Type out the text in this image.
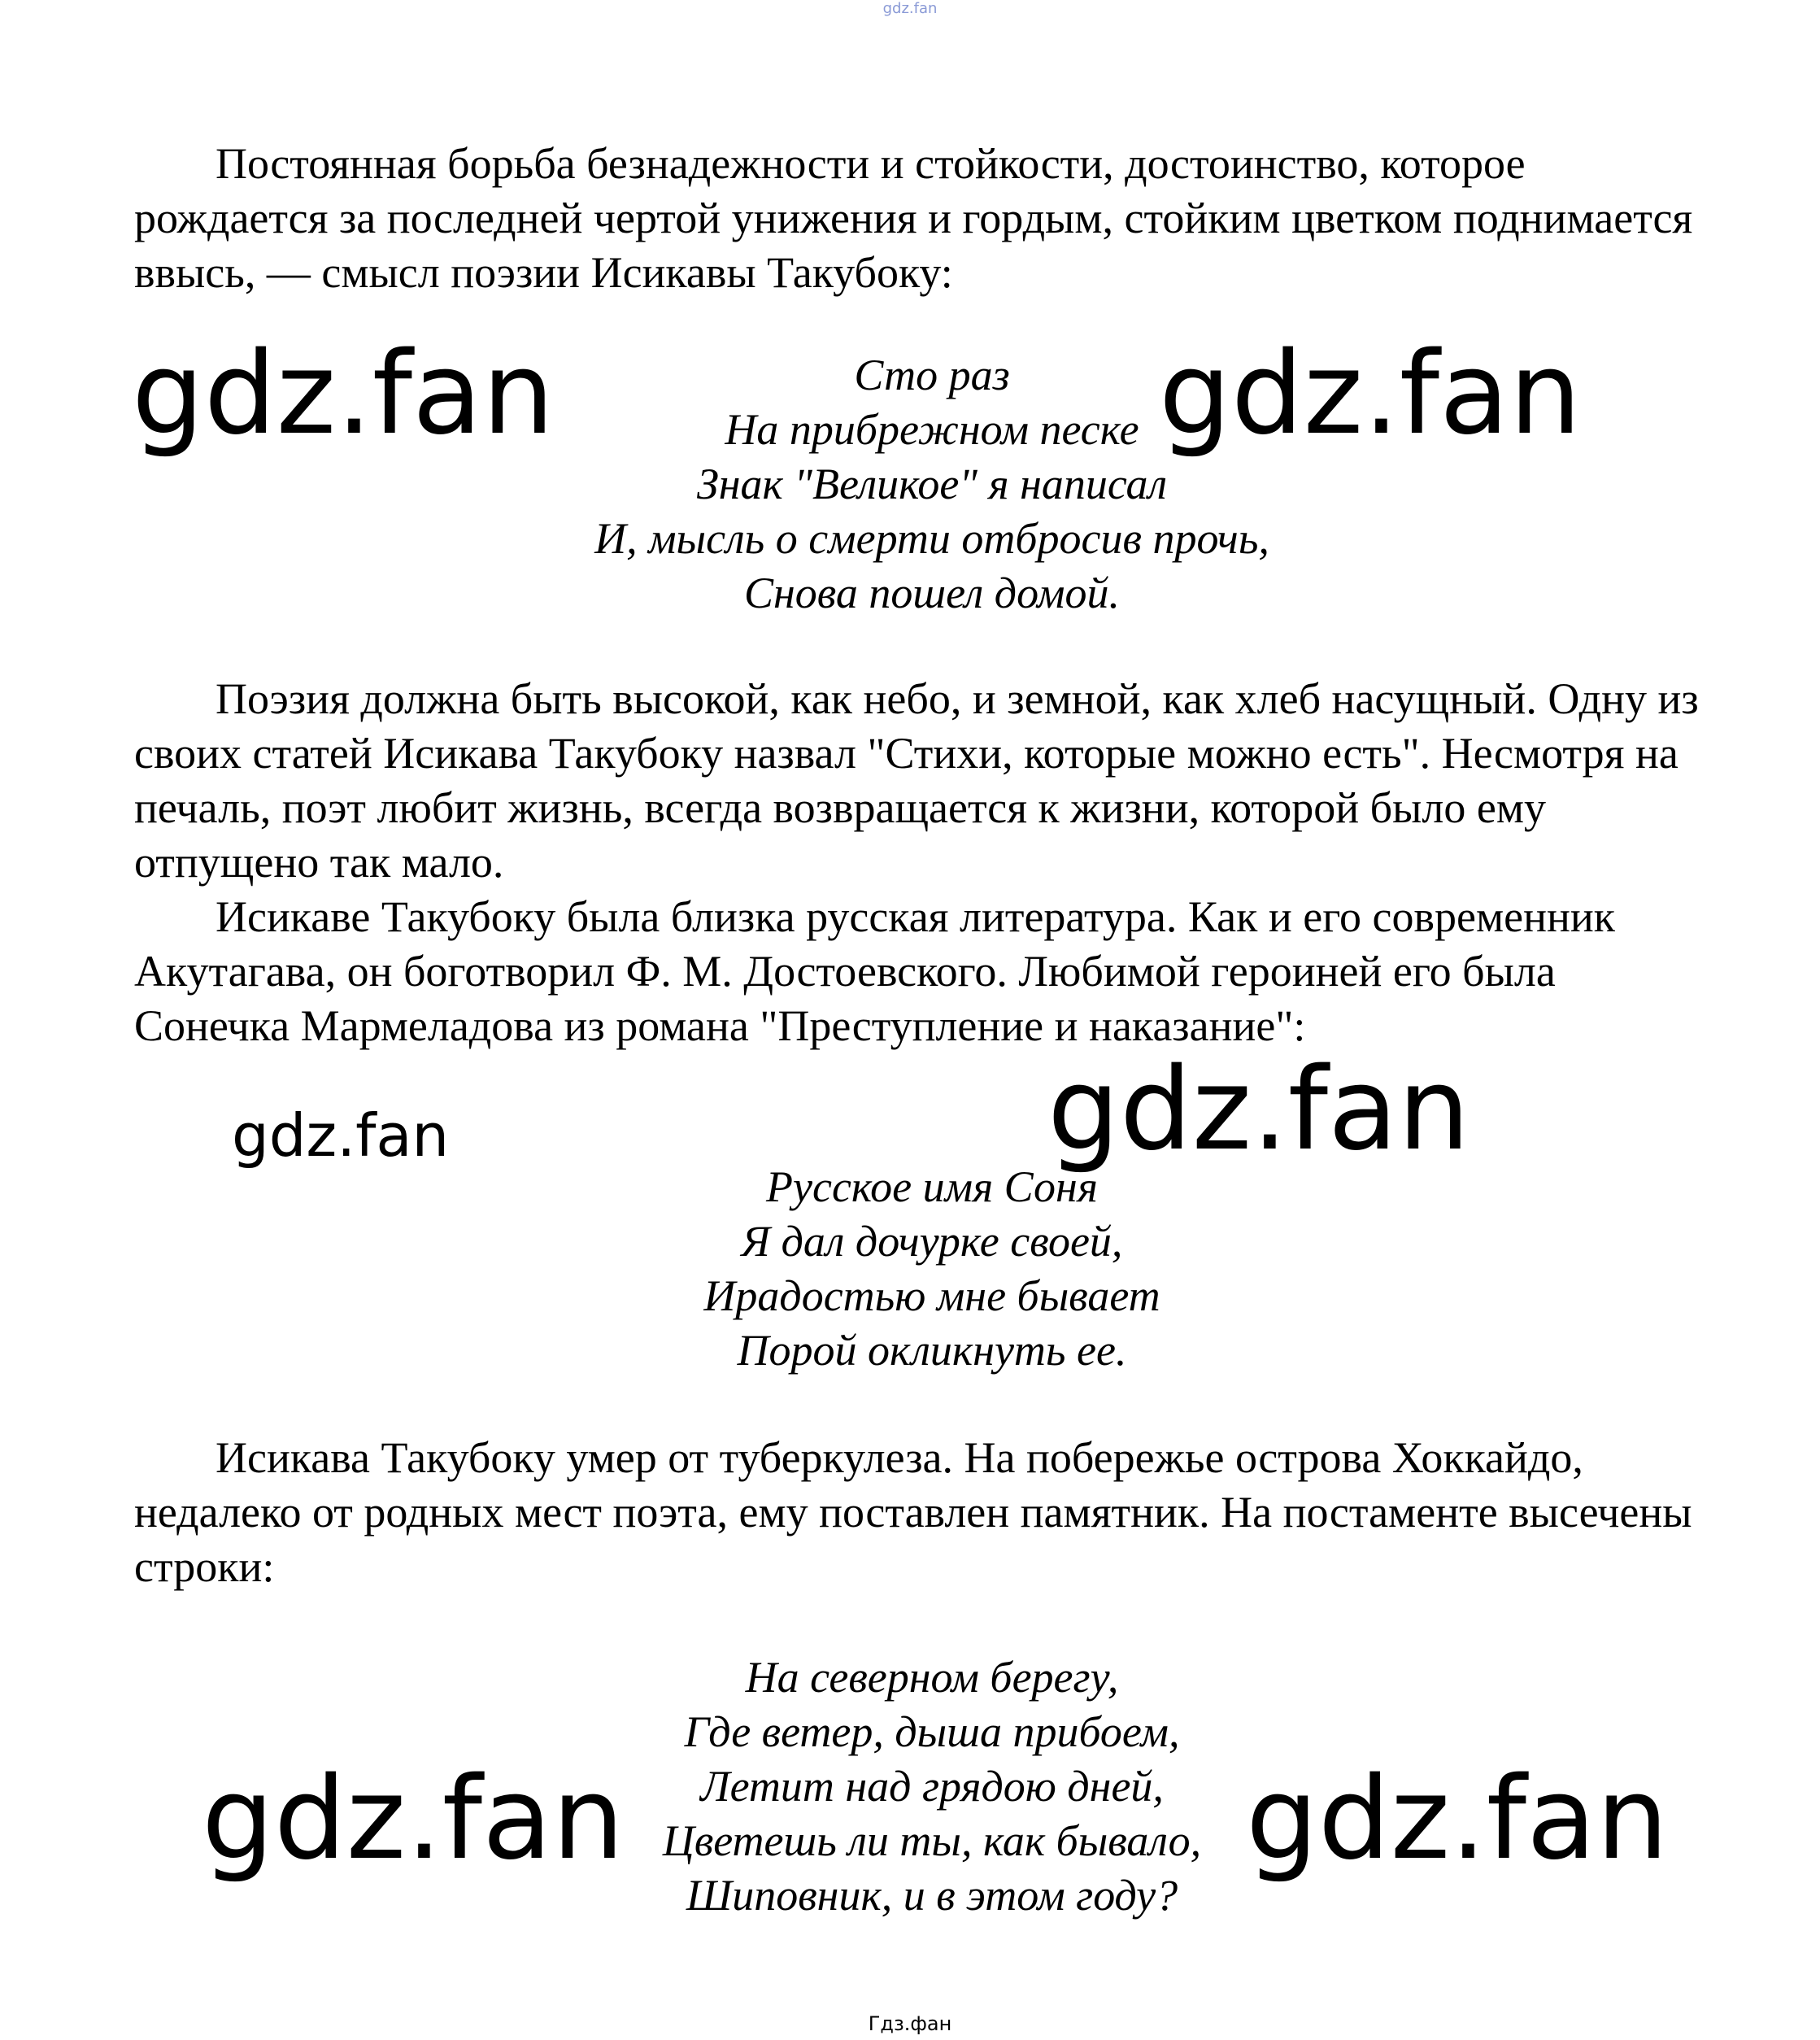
gdz.fan

Постоянная борьба безнадежности и стойкости, достоинство, которое рождается за последней чертой унижения и гордым, стойким цветком поднимается ввысь, — смысл поэзии Исикавы Такубоку:

Сто раз
На прибрежном песке
Знак "Великое" я написал
И, мысль о смерти отбросив прочь,
Снова пошел домой.

Поэзия должна быть высокой, как небо, и земной, как хлеб насущный. Одну из своих статей Исикава Такубоку назвал "Стихи, которые можно есть". Несмотря на печаль, поэт любит жизнь, всегда возвращается к жизни, которой было ему отпущено так мало.

Исикаве Такубоку была близка русская литература. Как и его современник Акутагава, он боготворил Ф. М. Достоевского. Любимой героиней его была Сонечка Мармеладова из романа "Преступление и наказание":

Русское имя Соня
Я дал дочурке своей,
Ирадостью мне бывает
Порой окликнуть ее.

Исикава Такубоку умер от туберкулеза. На побережье острова Хоккайдо, недалеко от родных мест поэта, ему поставлен памятник. На постаменте высечены строки:

На северном берегу,
Где ветер, дыша прибоем,
Летит над грядою дней,
Цветешь ли ты, как бывало,
Шиповник, и в этом году?
gdz.fan	gdz.fan
gdz.fan
gdz.fan
gdz.fan	gdz.fan
Гдз.фан
